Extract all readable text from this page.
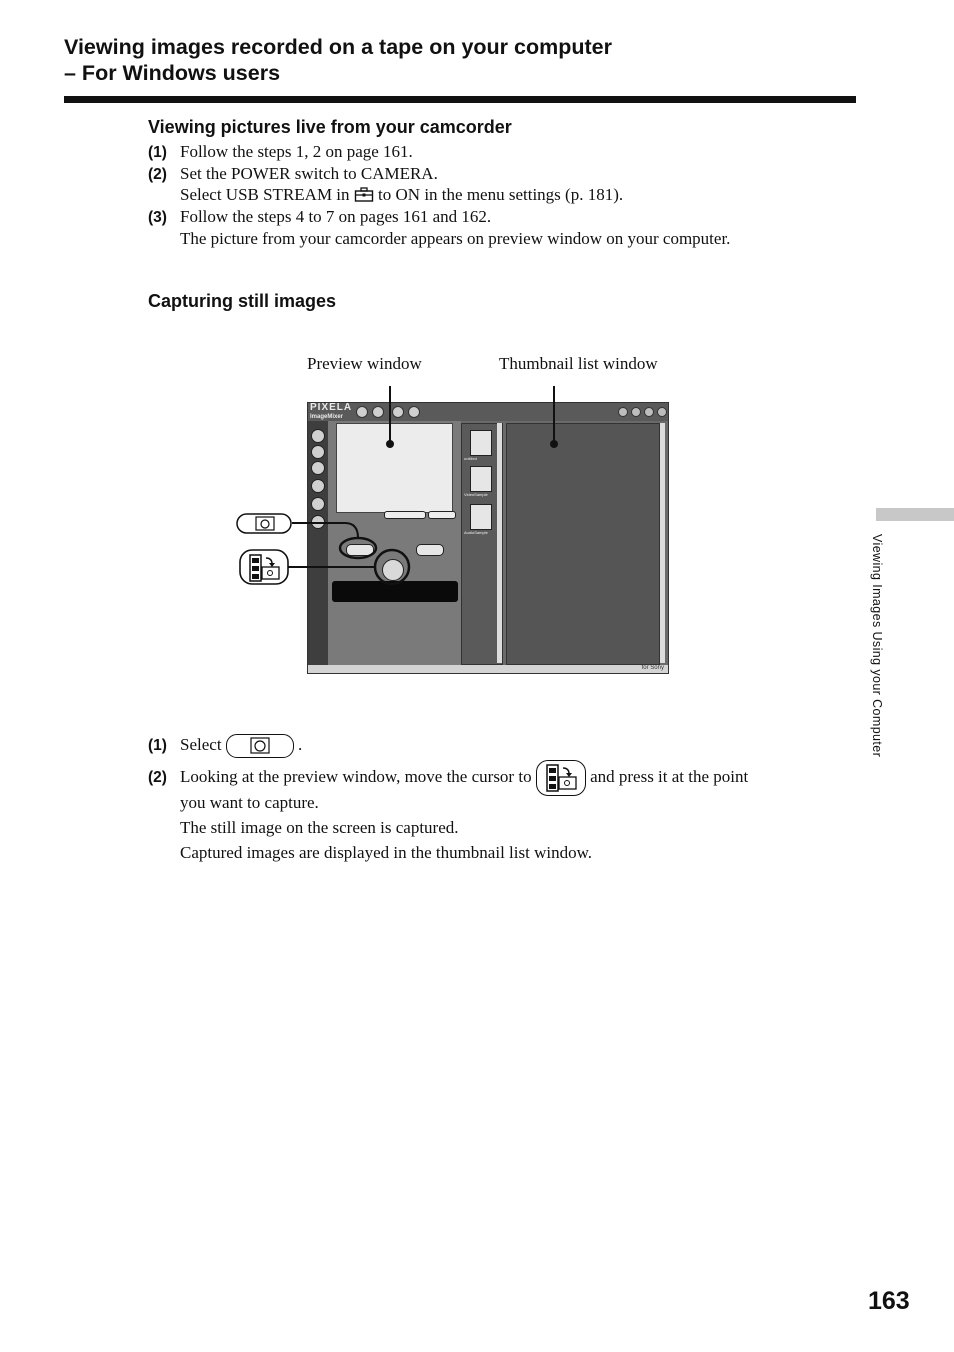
Viewing images recorded on a tape on your computer
– For Windows users
Viewing pictures live from your camcorder
(1) Follow the steps 1, 2 on page 161.
(2) Set the POWER switch to CAMERA.
Select USB STREAM in to ON in the menu settings (p. 181).
(3) Follow the steps 4 to 7 on pages 161 and 162.
The picture from your camcorder appears on preview window on your computer.
Capturing still images
Preview window	Thumbnail list window
PIXELA
ImageMixer
untitled
VideoSample
AudioSample
for Sony
(1) Select	.
(2) Looking at the preview window, move the cursor to	and press it at the point
you want to capture.
The still image on the screen is captured.
Captured images are displayed in the thumbnail list window.
Viewing Images Using your Computer
163
